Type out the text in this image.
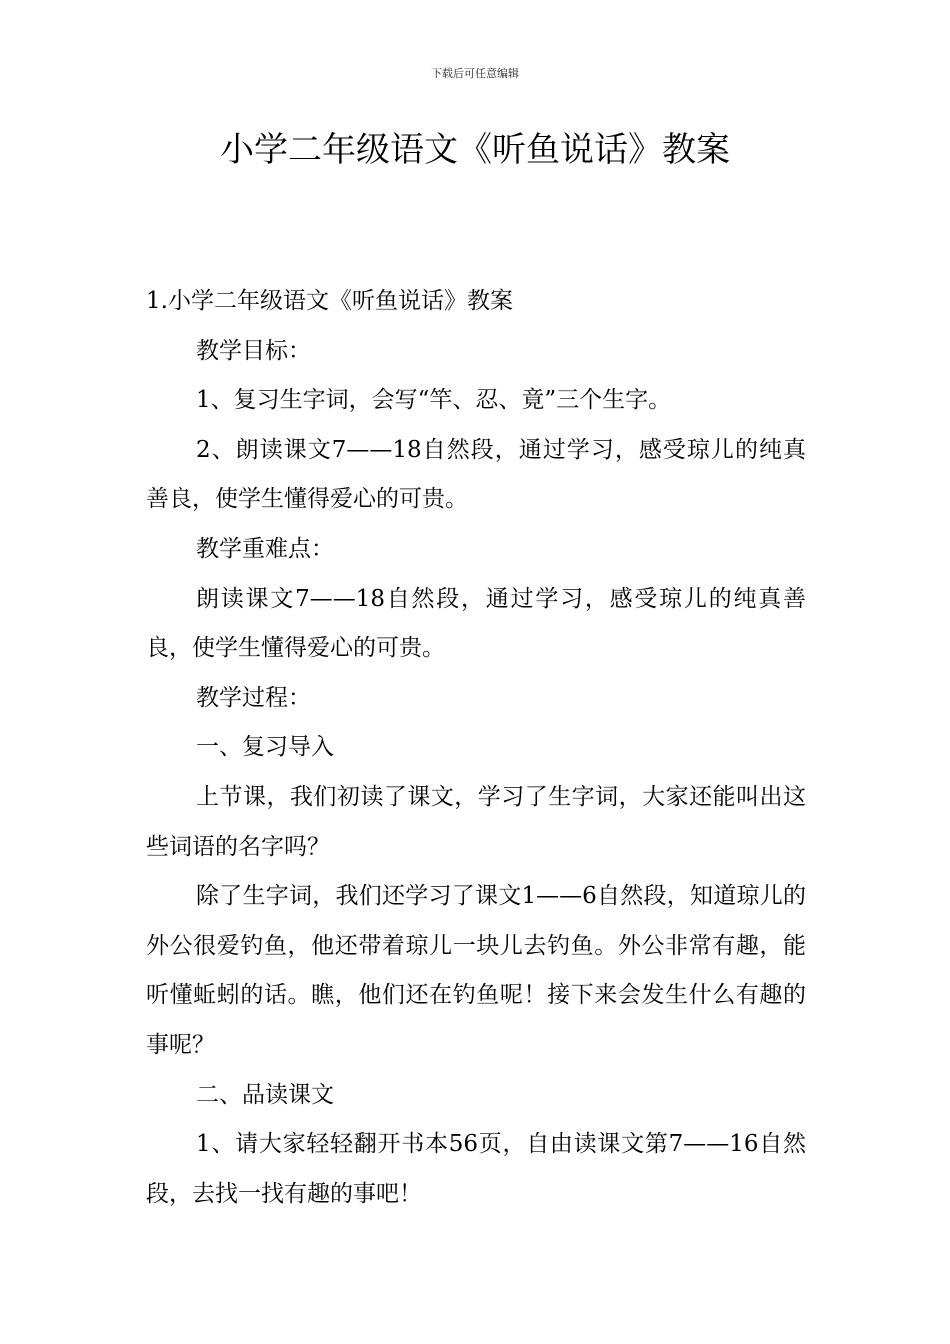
下载后可任意编辑
小学二年级语文《听鱼说话》教案

1.小学二年级语文《听鱼说话》教案

教学目标：

1、复习生字词，会写“竿、忍、竟”三个生字。

2、朗读课文7——18自然段，通过学习，感受琼儿的纯真善良，使学生懂得爱心的可贵。

教学重难点：

朗读课文7——18自然段，通过学习，感受琼儿的纯真善良，使学生懂得爱心的可贵。

教学过程：

一、复习导入

上节课，我们初读了课文，学习了生字词，大家还能叫出这些词语的名字吗？

除了生字词，我们还学习了课文1——6自然段，知道琼儿的外公很爱钓鱼，他还带着琼儿一块儿去钓鱼。外公非常有趣，能听懂蚯蚓的话。瞧，他们还在钓鱼呢！接下来会发生什么有趣的事呢？

二、品读课文

1、请大家轻轻翻开书本56页，自由读课文第7——16自然段，去找一找有趣的事吧！
